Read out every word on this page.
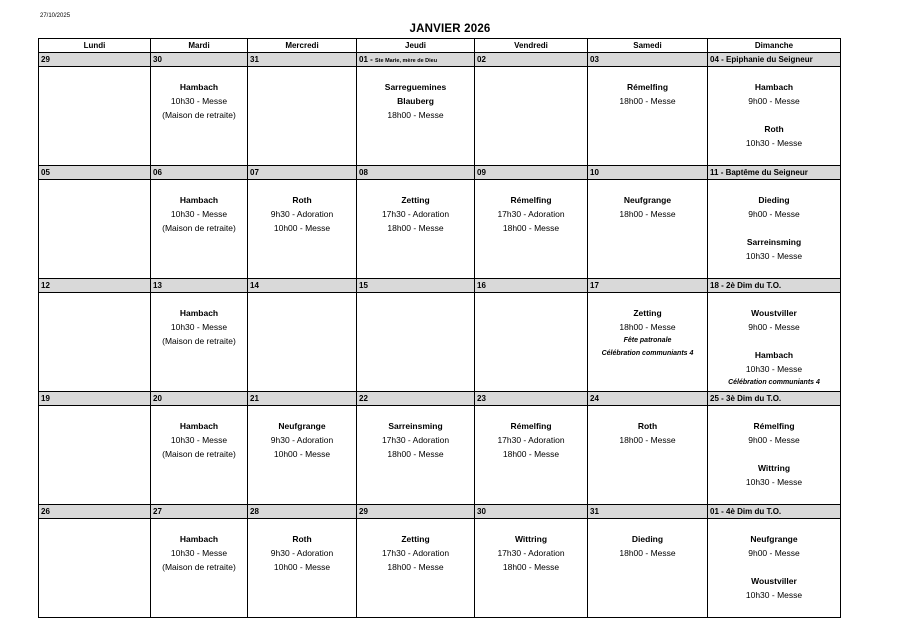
27/10/2025
JANVIER 2026
Lundi	Mardi	Mercredi	Jeudi	Vendredi	Samedi	Dimanche
29	30	31	01 - Ste Marie, mère de Dieu	02	03	04 - Epiphanie du Seigneur

	Hambach
10h30 - Messe
(Maison de retraite)		Sarreguemines
Blauberg
18h00 - Messe		Rémelfing
18h00 - Messe	Hambach
9h00 - Messe
Roth
10h30 - Messe

05	06	07	08	09	10	11 - Baptême du Seigneur

	Hambach
10h30 - Messe
(Maison de retraite)	Roth
9h30 - Adoration
10h00 - Messe	Zetting
17h30 - Adoration
18h00 - Messe	Rémelfing
17h30 - Adoration
18h00 - Messe	Neufgrange
18h00 - Messe	Dieding
9h00 - Messe
Sarreinsming
10h30 - Messe

12	13	14	15	16	17	18 - 2è Dim du T.O.

	Hambach
10h30 - Messe
(Maison de retraite)				Zetting
18h00 - Messe
Fête patronale
Célébration communiants 4	Woustviller
9h00 - Messe
Hambach
10h30 - Messe
Célébration communiants 4

19	20	21	22	23	24	25 - 3è Dim du T.O.

	Hambach
10h30 - Messe
(Maison de retraite)	Neufgrange
9h30 - Adoration
10h00 - Messe	Sarreinsming
17h30 - Adoration
18h00 - Messe	Rémelfing
17h30 - Adoration
18h00 - Messe	Roth
18h00 - Messe	Rémelfing
9h00 - Messe
Wittring
10h30 - Messe

26	27	28	29	30	31	01 - 4è Dim du T.O.

	Hambach
10h30 - Messe
(Maison de retraite)	Roth
9h30 - Adoration
10h00 - Messe	Zetting
17h30 - Adoration
18h00 - Messe	Wittring
17h30 - Adoration
18h00 - Messe	Dieding
18h00 - Messe	Neufgrange
9h00 - Messe
Woustviller
10h30 - Messe
